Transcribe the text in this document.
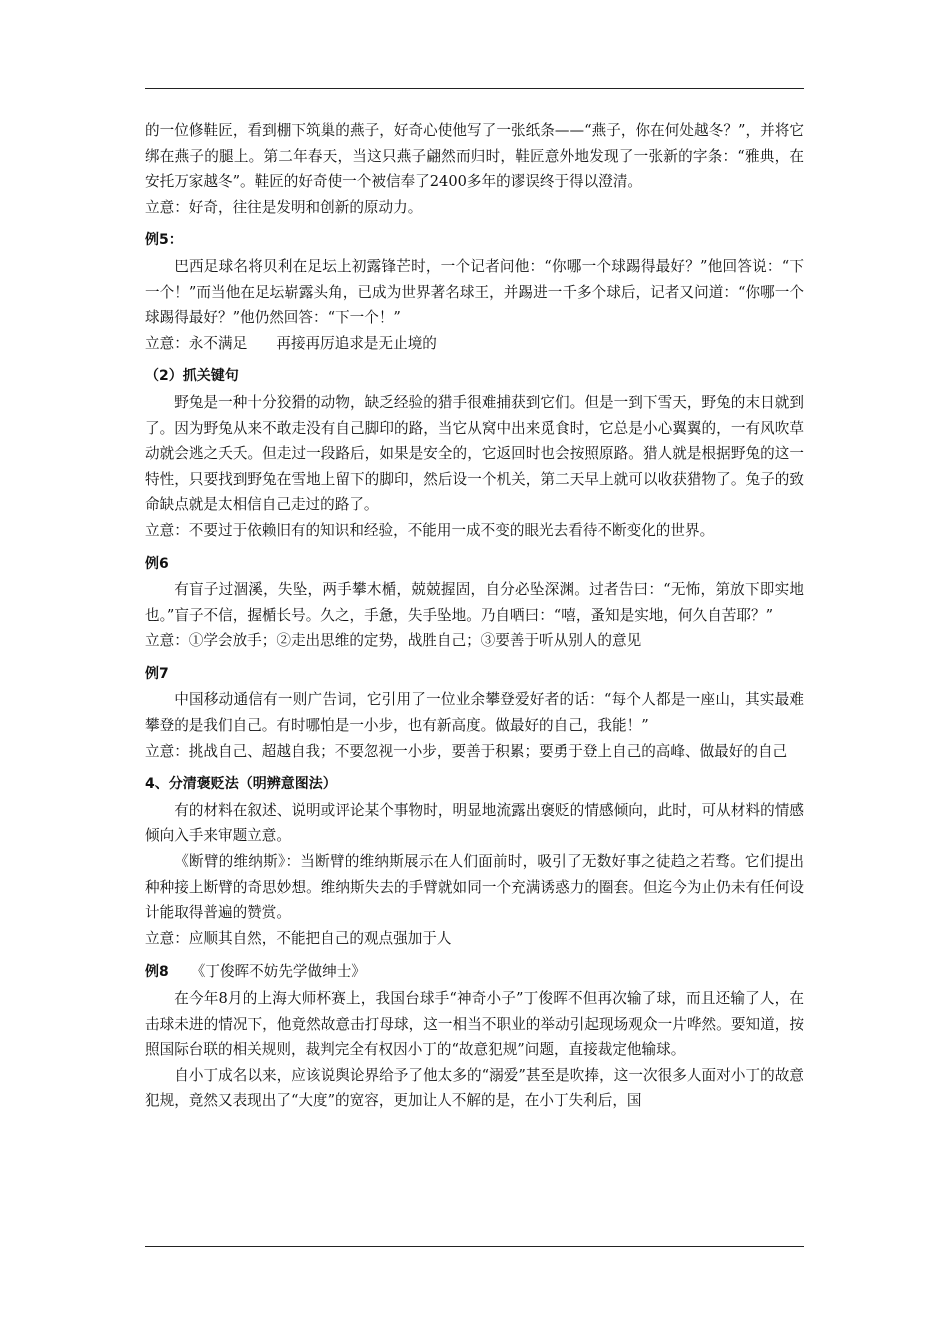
的一位修鞋匠，看到棚下筑巢的燕子，好奇心使他写了一张纸条——“燕子，你在何处越冬？”，并将它绑在燕子的腿上。第二年春天，当这只燕子翩然而归时，鞋匠意外地发现了一张新的字条：“雅典，在安托万家越冬”。鞋匠的好奇使一个被信奉了2400多年的谬误终于得以澄清。

立意：好奇，往往是发明和创新的原动力。

例5：

巴西足球名将贝利在足坛上初露锋芒时，一个记者问他：“你哪一个球踢得最好？”他回答说：“下一个！”而当他在足坛崭露头角，已成为世界著名球王，并踢进一千多个球后，记者又问道：“你哪一个球踢得最好？”他仍然回答：“下一个！”

立意：永不满足　　再接再厉追求是无止境的

（2）抓关键句

野兔是一种十分狡猾的动物，缺乏经验的猎手很难捕获到它们。但是一到下雪天，野兔的末日就到了。因为野兔从来不敢走没有自己脚印的路，当它从窝中出来觅食时，它总是小心翼翼的，一有风吹草动就会逃之夭夭。但走过一段路后，如果是安全的，它返回时也会按照原路。猎人就是根据野兔的这一特性，只要找到野兔在雪地上留下的脚印，然后设一个机关，第二天早上就可以收获猎物了。兔子的致命缺点就是太相信自己走过的路了。

立意：不要过于依赖旧有的知识和经验，不能用一成不变的眼光去看待不断变化的世界。

例6

有盲子过涸溪，失坠，两手攀木楯，兢兢握固，自分必坠深渊。过者告曰：“无怖，第放下即实地也。”盲子不信，握楯长号。久之，手惫，失手坠地。乃自哂曰：“嘻，蚤知是实地，何久自苦耶？”

立意：①学会放手；②走出思维的定势，战胜自己；③要善于听从别人的意见

例7

中国移动通信有一则广告词，它引用了一位业余攀登爱好者的话：“每个人都是一座山，其实最难攀登的是我们自己。有时哪怕是一小步，也有新高度。做最好的自己，我能！”

立意：挑战自己、超越自我；不要忽视一小步，要善于积累；要勇于登上自己的高峰、做最好的自己

4、分清褒贬法（明辨意图法）

有的材料在叙述、说明或评论某个事物时，明显地流露出褒贬的情感倾向，此时，可从材料的情感倾向入手来审题立意。

《断臂的维纳斯》：当断臂的维纳斯展示在人们面前时，吸引了无数好事之徒趋之若骛。它们提出种种接上断臂的奇思妙想。维纳斯失去的手臂就如同一个充满诱惑力的圈套。但迄今为止仍未有任何设计能取得普遍的赞赏。

立意：应顺其自然，不能把自己的观点强加于人

例8 《丁俊晖不妨先学做绅士》

在今年8月的上海大师杯赛上，我国台球手“神奇小子”丁俊晖不但再次输了球，而且还输了人，在击球未进的情况下，他竟然故意击打母球，这一相当不职业的举动引起现场观众一片哗然。要知道，按照国际台联的相关规则，裁判完全有权因小丁的“故意犯规”问题，直接裁定他输球。

自小丁成名以来，应该说舆论界给予了他太多的“溺爱”甚至是吹捧，这一次很多人面对小丁的故意犯规，竟然又表现出了“大度”的宽容，更加让人不解的是，在小丁失利后，国
